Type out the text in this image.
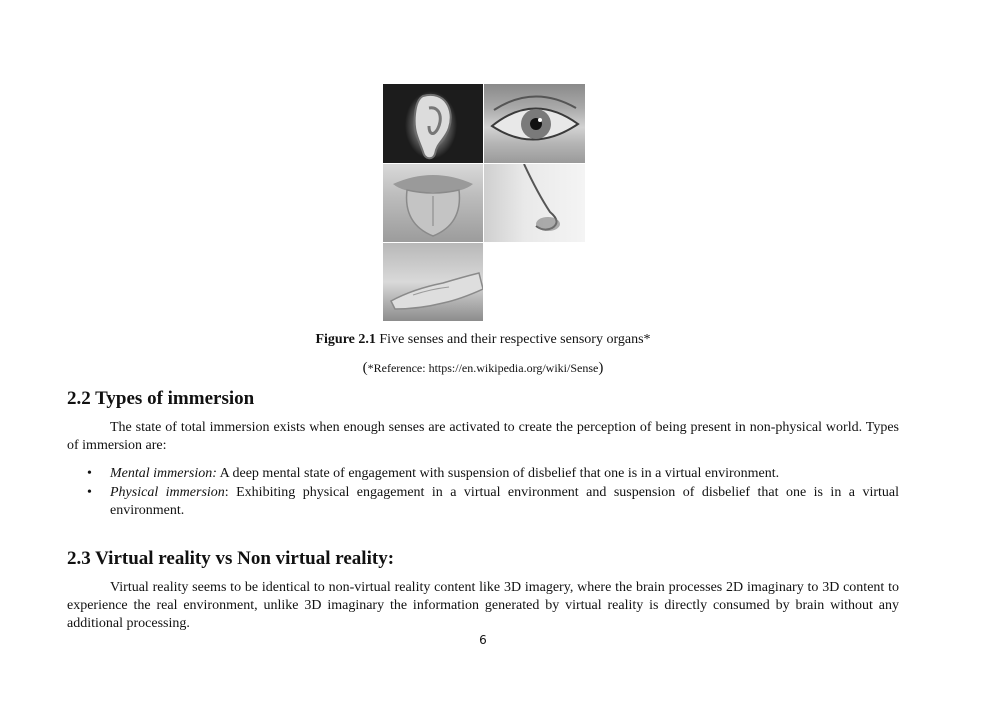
Figure 2.1 Five senses and their respective sensory organs*
(*Reference: https://en.wikipedia.org/wiki/Sense)
2.2 Types of immersion

The state of total immersion exists when enough senses are activated to create the perception of being present in non-physical world. Types of immersion are:

• Mental immersion: A deep mental state of engagement with suspension of disbelief that one is in a virtual environment.
• Physical immersion: Exhibiting physical engagement in a virtual environment and suspension of disbelief that one is in a virtual environment.
2.3 Virtual reality vs Non virtual reality:

Virtual reality seems to be identical to non-virtual reality content like 3D imagery, where the brain processes 2D imaginary to 3D content to experience the real environment, unlike 3D imaginary the information generated by virtual reality is directly consumed by brain without any additional processing.

6
